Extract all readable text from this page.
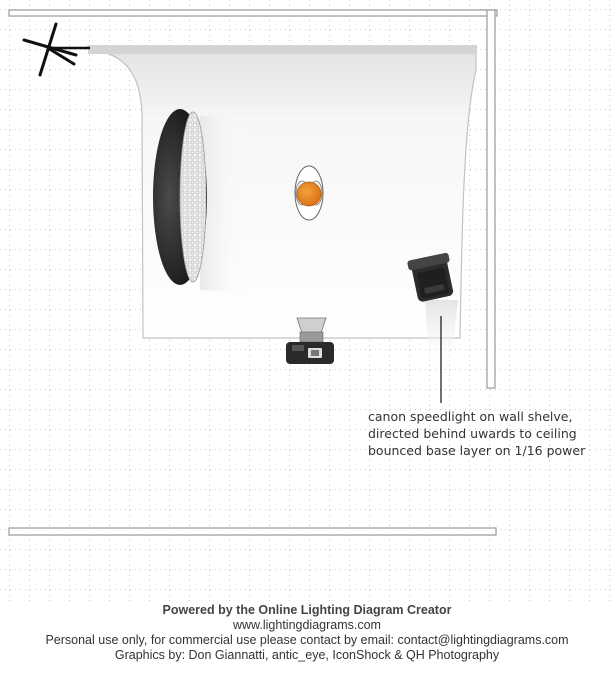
canon speedlight on wall shelve,
directed behind uwards to ceiling
bounced base layer on 1/16 power
Powered by the Online Lighting Diagram Creator
www.lightingdiagrams.com
Personal use only, for commercial use please contact by email: contact@lightingdiagrams.com
Graphics by: Don Giannatti, antic_eye, IconShock & QH Photography
